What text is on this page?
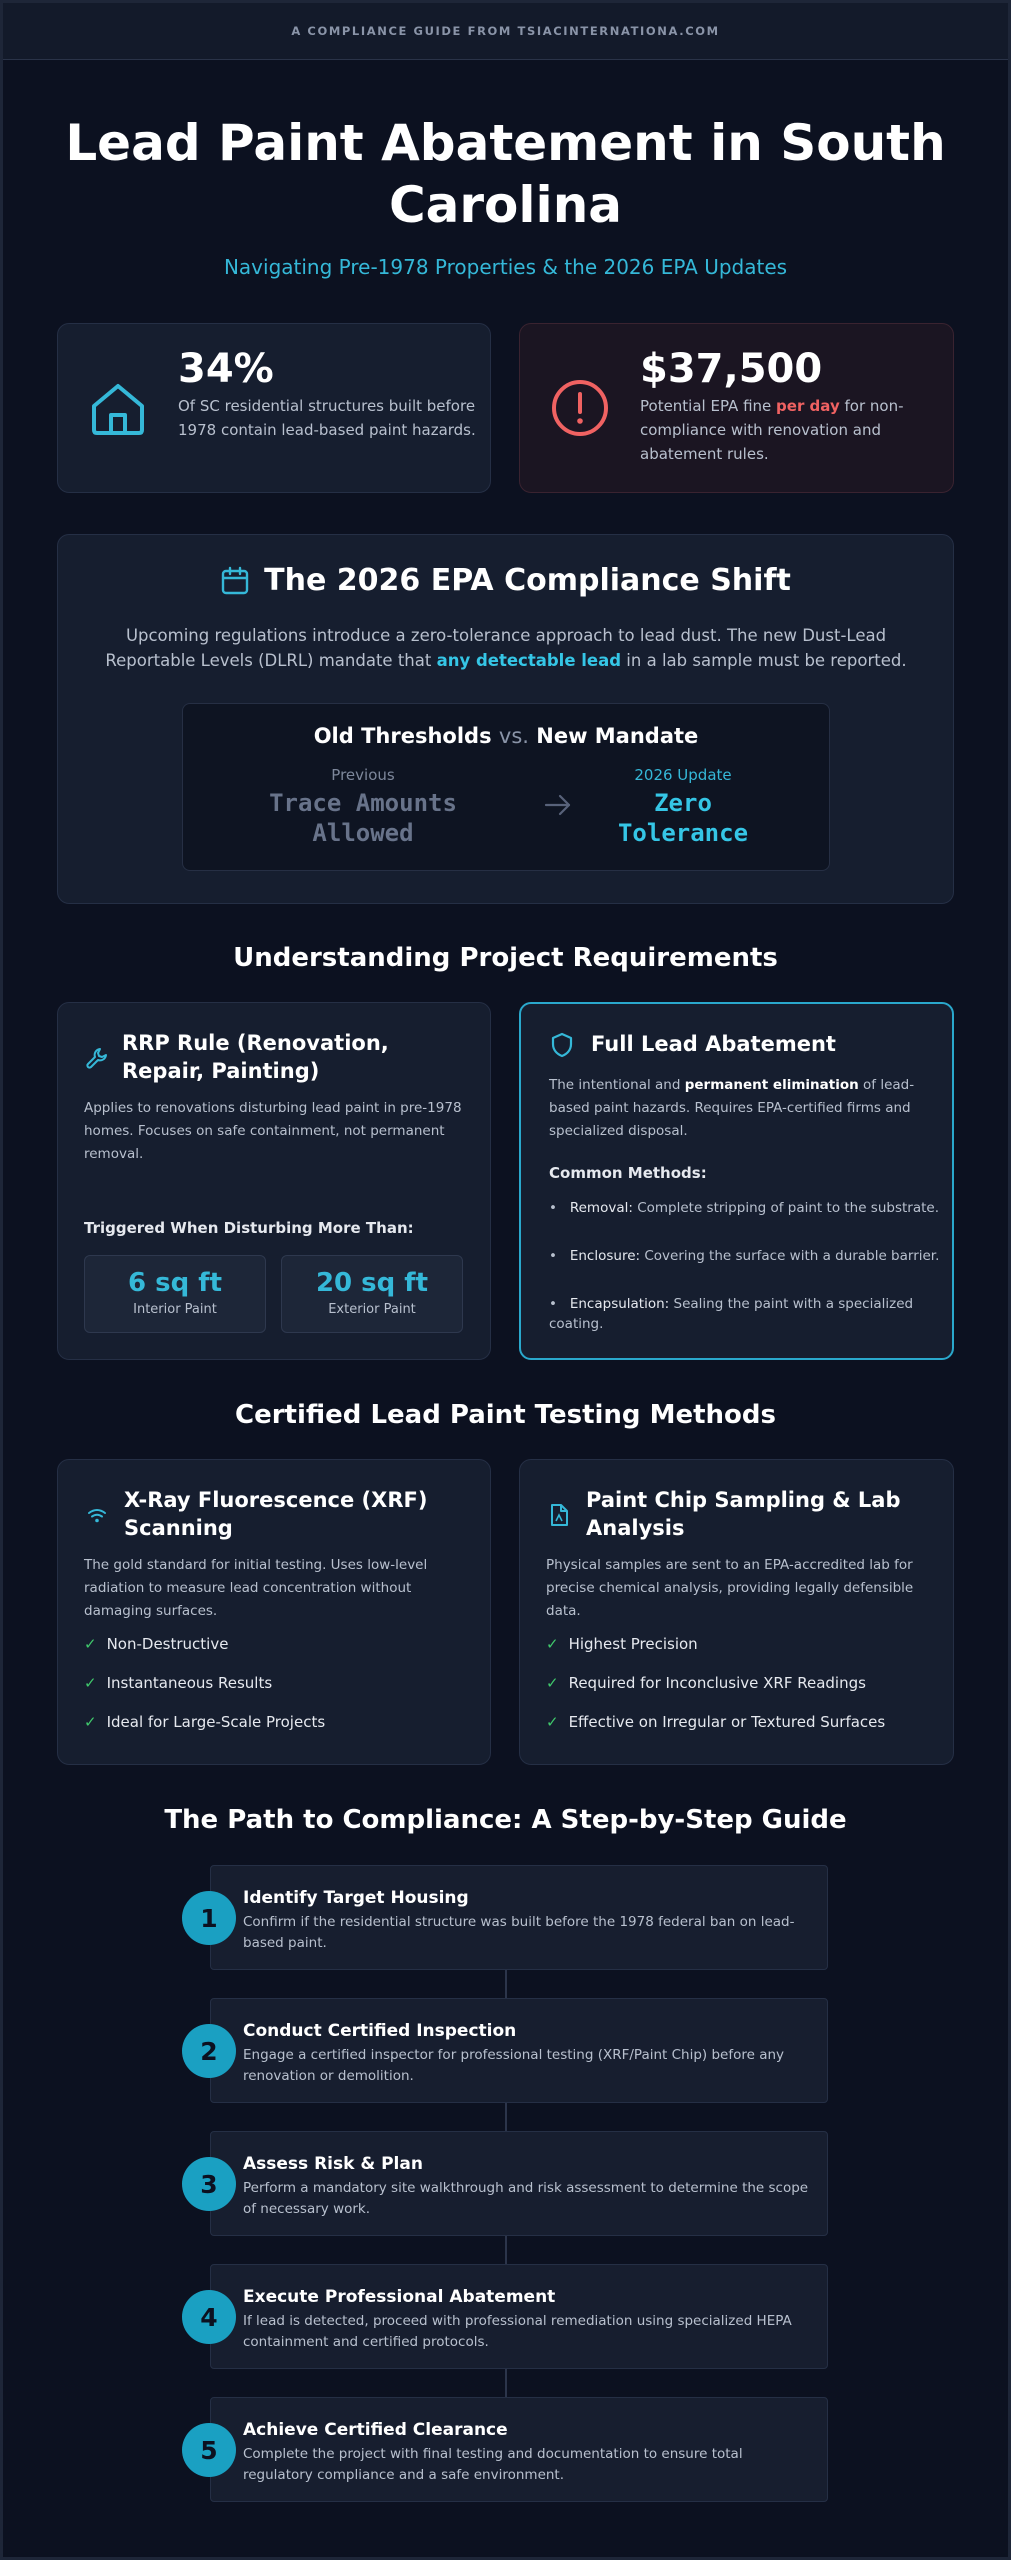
A COMPLIANCE GUIDE FROM TSIACINTERNATIONA.COM
Lead Paint Abatement in South Carolina
Navigating Pre-1978 Properties & the 2026 EPA Updates
34%
Of SC residential structures built before 1978 contain lead-based paint hazards.
$37,500
Potential EPA fine per day for non-compliance with renovation and abatement rules.
The 2026 EPA Compliance Shift
Upcoming regulations introduce a zero-tolerance approach to lead dust. The new Dust-Lead Reportable Levels (DLRL) mandate that any detectable lead in a lab sample must be reported.
Old Thresholds vs. New Mandate
Previous
Trace Amounts Allowed
2026 Update
Zero Tolerance
Understanding Project Requirements
RRP Rule (Renovation, Repair, Painting)
Applies to renovations disturbing lead paint in pre-1978 homes. Focuses on safe containment, not permanent removal.
Triggered When Disturbing More Than:
6 sq ft
Interior Paint
20 sq ft
Exterior Paint
Full Lead Abatement
The intentional and permanent elimination of lead-based paint hazards. Requires EPA-certified firms and specialized disposal.
Common Methods:
•   Removal: Complete stripping of paint to the substrate.
•   Enclosure: Covering the surface with a durable barrier.
•   Encapsulation: Sealing the paint with a specialized coating.
Certified Lead Paint Testing Methods
X-Ray Fluorescence (XRF) Scanning
The gold standard for initial testing. Uses low-level radiation to measure lead concentration without damaging surfaces.
✓ Non-Destructive
✓ Instantaneous Results
✓ Ideal for Large-Scale Projects
Paint Chip Sampling & Lab Analysis
Physical samples are sent to an EPA-accredited lab for precise chemical analysis, providing legally defensible data.
✓ Highest Precision
✓ Required for Inconclusive XRF Readings
✓ Effective on Irregular or Textured Surfaces
The Path to Compliance: A Step-by-Step Guide
Identify Target Housing
Confirm if the residential structure was built before the 1978 federal ban on lead-based paint.
1
Conduct Certified Inspection
Engage a certified inspector for professional testing (XRF/Paint Chip) before any renovation or demolition.
2
Assess Risk & Plan
Perform a mandatory site walkthrough and risk assessment to determine the scope of necessary work.
3
Execute Professional Abatement
If lead is detected, proceed with professional remediation using specialized HEPA containment and certified protocols.
4
Achieve Certified Clearance
Complete the project with final testing and documentation to ensure total regulatory compliance and a safe environment.
5
